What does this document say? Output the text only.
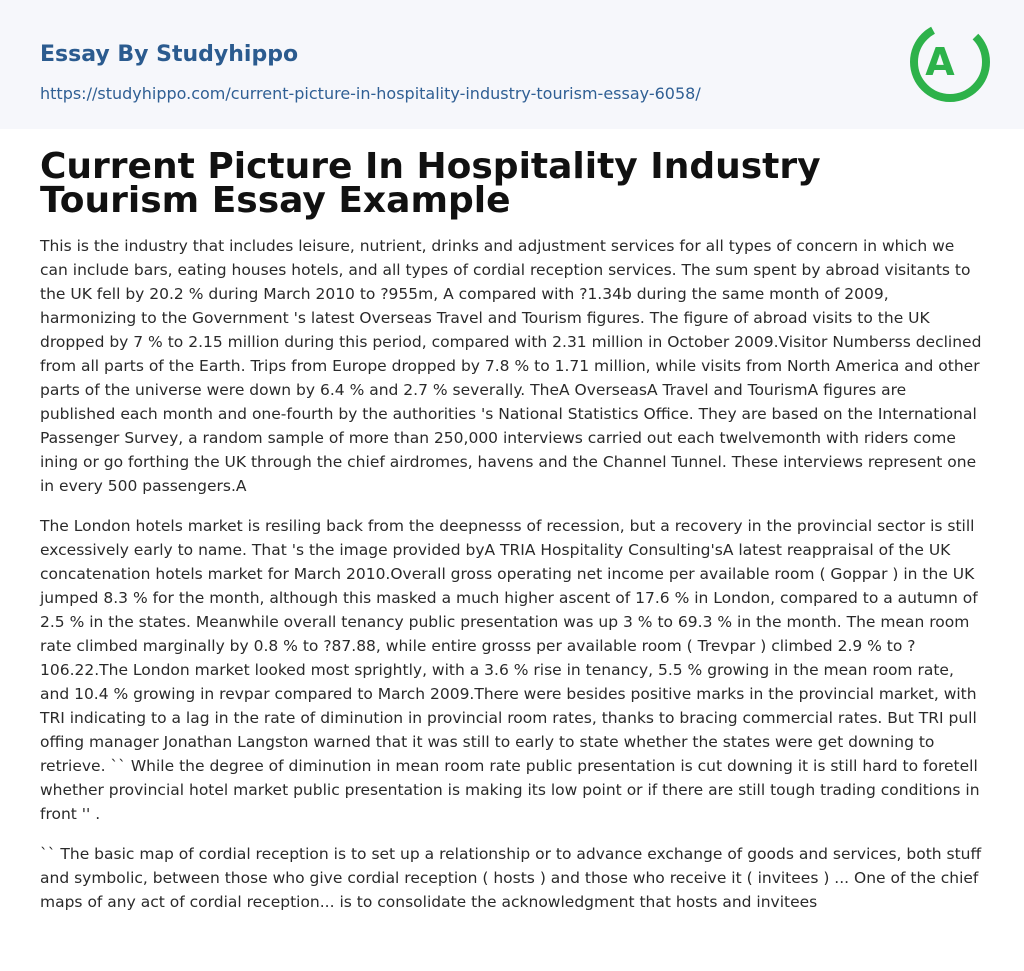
Essay By Studyhippo
https://studyhippo.com/current-picture-in-hospitality-industry-tourism-essay-6058/
A
Current Picture In Hospitality Industry Tourism Essay Example

This is the industry that includes leisure, nutrient, drinks and adjustment services for all types of concern in which we can include bars, eating houses hotels, and all types of cordial reception services. The sum spent by abroad visitants to the UK fell by 20.2 % during March 2010 to ?955m, A compared with ?1.34b during the same month of 2009, harmonizing to the Government 's latest Overseas Travel and Tourism figures. The figure of abroad visits to the UK dropped by 7 % to 2.15 million during this period, compared with 2.31 million in October 2009.Visitor Numberss declined from all parts of the Earth. Trips from Europe dropped by 7.8 % to 1.71 million, while visits from North America and other parts of the universe were down by 6.4 % and 2.7 % severally. TheA OverseasA Travel and TourismA figures are published each month and one-fourth by the authorities 's National Statistics Office. They are based on the International Passenger Survey, a random sample of more than 250,000 interviews carried out each twelvemonth with riders come ining or go forthing the UK through the chief airdromes, havens and the Channel Tunnel. These interviews represent one in every 500 passengers.A

The London hotels market is resiling back from the deepnesss of recession, but a recovery in the provincial sector is still excessively early to name. That 's the image provided byA TRIA Hospitality Consulting'sA latest reappraisal of the UK concatenation hotels market for March 2010.Overall gross operating net income per available room ( Goppar ) in the UK jumped 8.3 % for the month, although this masked a much higher ascent of 17.6 % in London, compared to a autumn of 2.5 % in the states. Meanwhile overall tenancy public presentation was up 3 % to 69.3 % in the month. The mean room rate climbed marginally by 0.8 % to ?87.88, while entire grosss per available room ( Trevpar ) climbed 2.9 % to ?106.22.The London market looked most sprightly, with a 3.6 % rise in tenancy, 5.5 % growing in the mean room rate, and 10.4 % growing in revpar compared to March 2009.There were besides positive marks in the provincial market, with TRI indicating to a lag in the rate of diminution in provincial room rates, thanks to bracing commercial rates. But TRI pull offing manager Jonathan Langston warned that it was still to early to state whether the states were get downing to retrieve. `` While the degree of diminution in mean room rate public presentation is cut downing it is still hard to foretell whether provincial hotel market public presentation is making its low point or if there are still tough trading conditions in front '' .

`` The basic map of cordial reception is to set up a relationship or to advance exchange of goods and services, both stuff and symbolic, between those who give cordial reception ( hosts ) and those who receive it ( invitees ) ... One of the chief maps of any act of cordial reception... is to consolidate the acknowledgment that hosts and invitees
